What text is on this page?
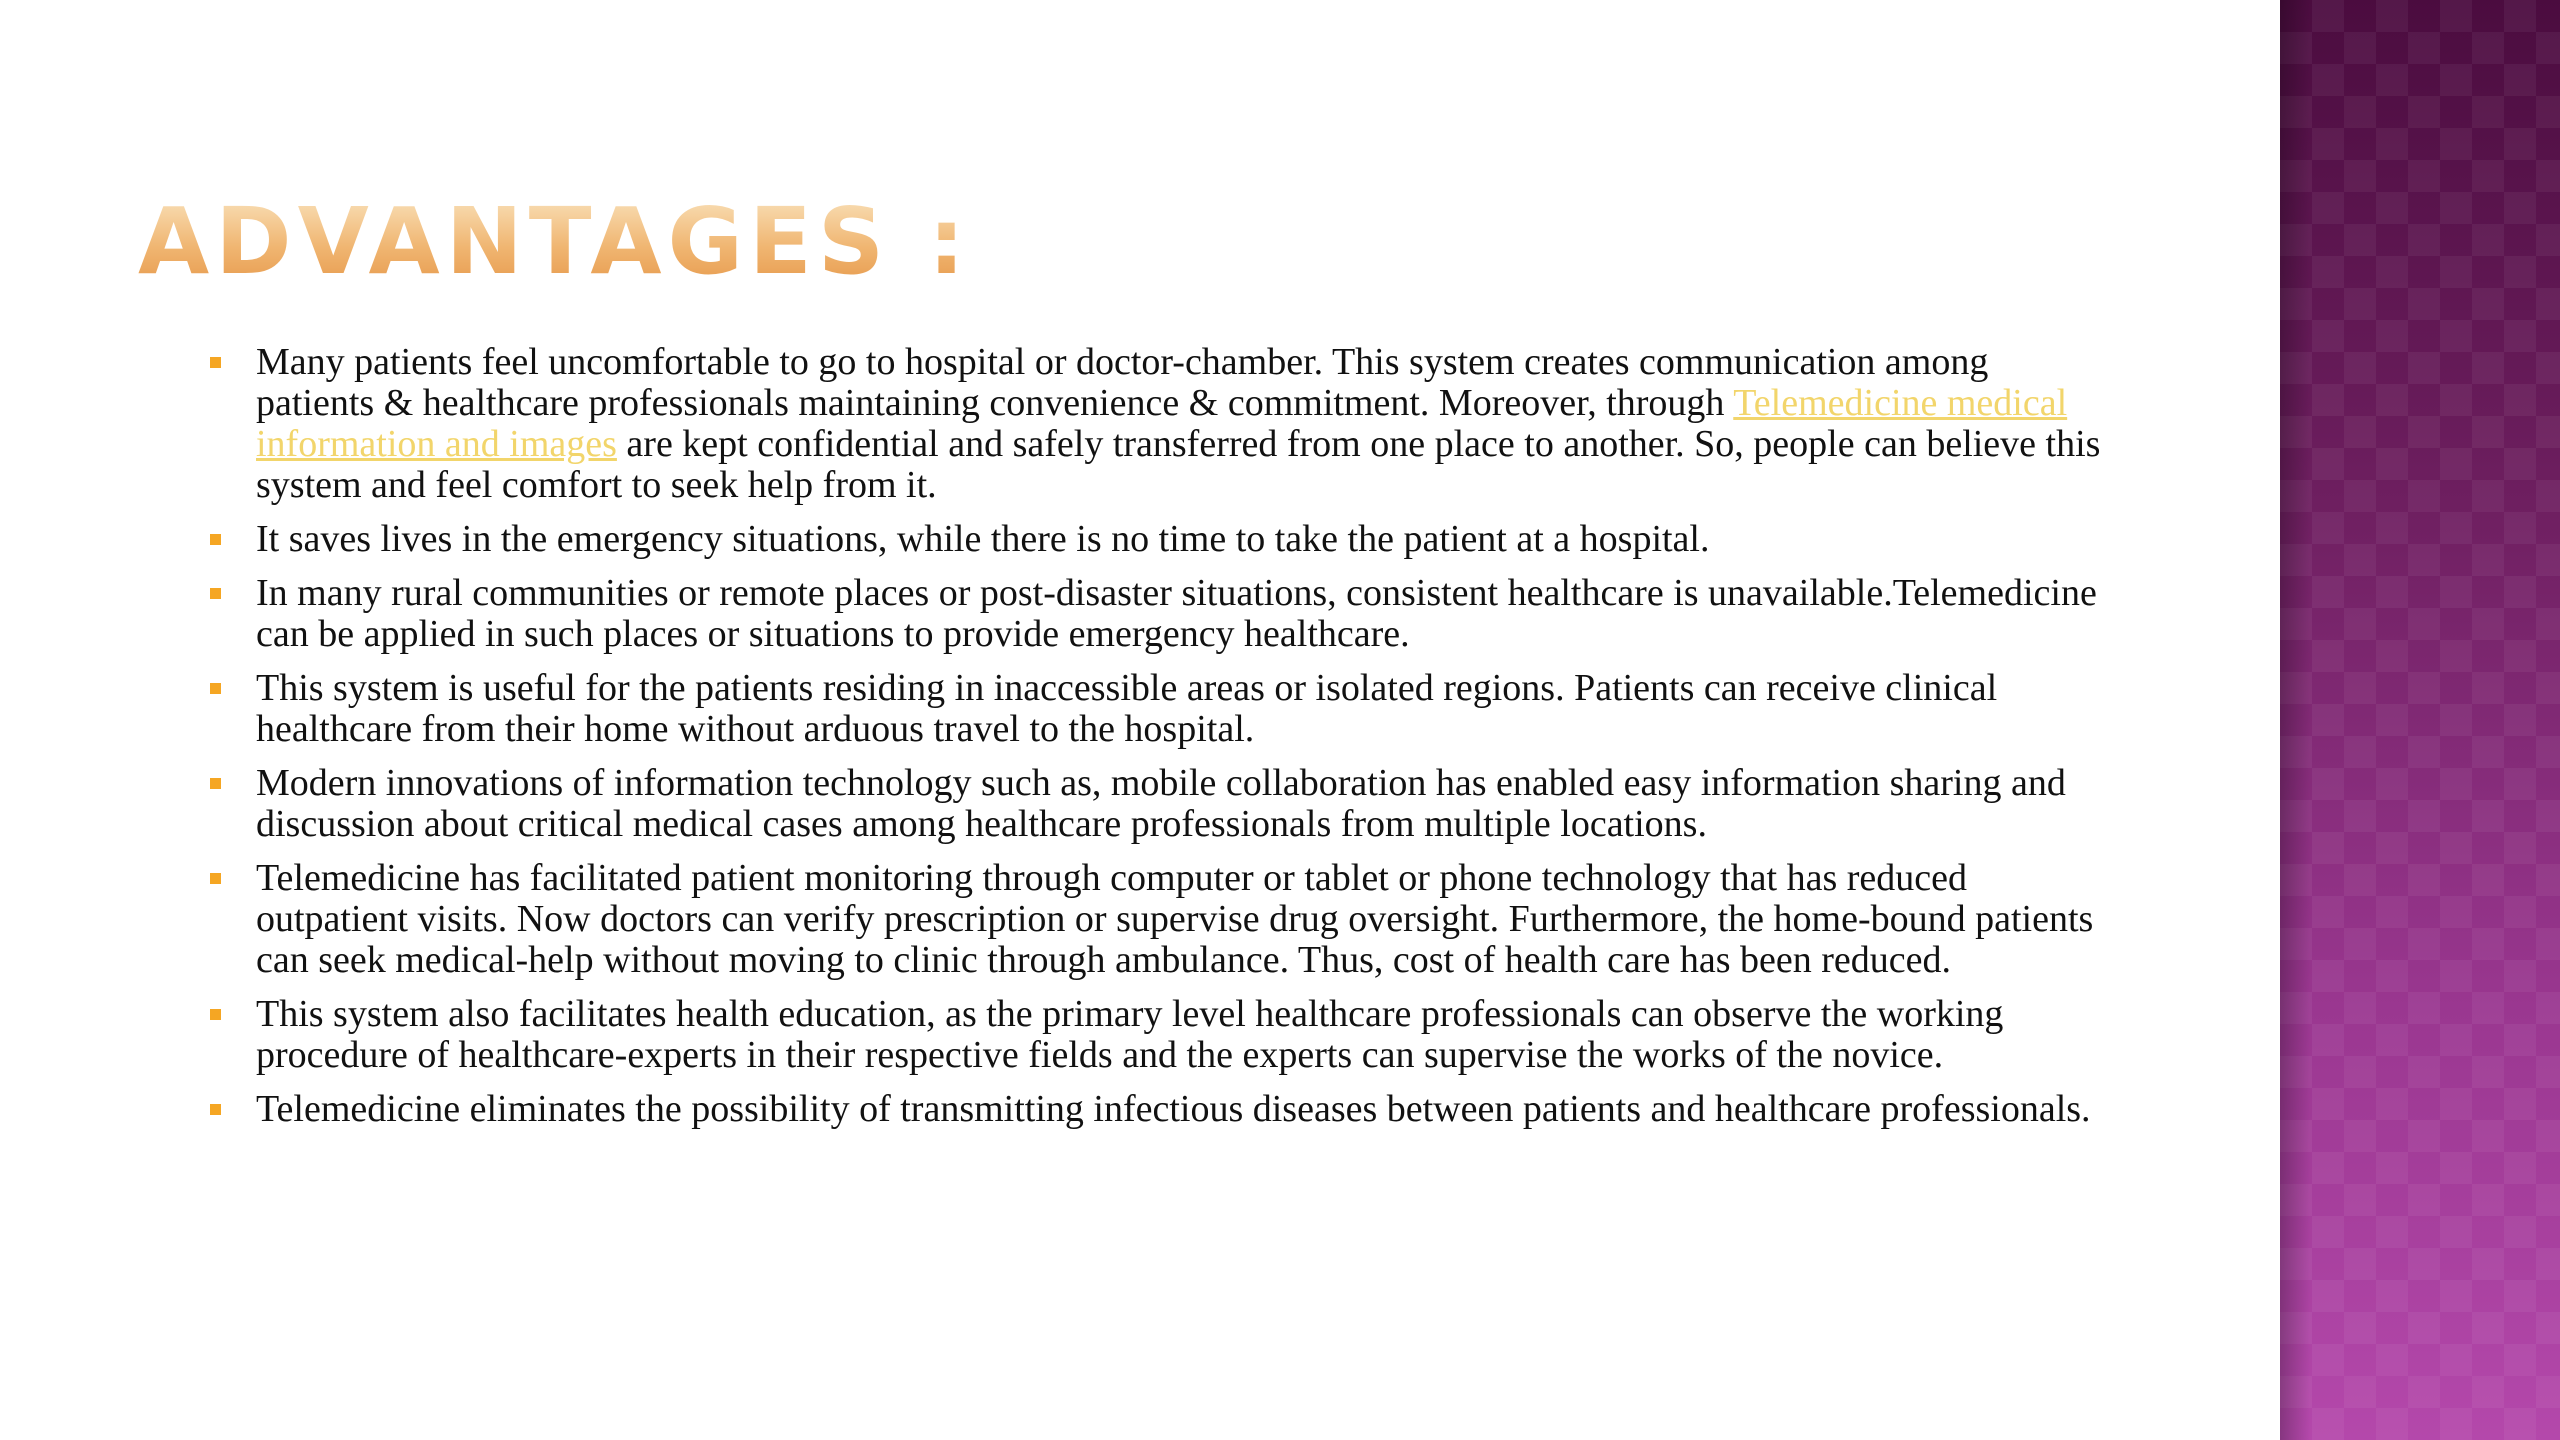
ADVANTAGES :
Many patients feel uncomfortable to go to hospital or doctor-chamber. This system creates communication among patients & healthcare professionals maintaining convenience & commitment. Moreover, through Telemedicine medical information and images are kept confidential and safely transferred from one place to another. So, people can believe this system and feel comfort to seek help from it.
It saves lives in the emergency situations, while there is no time to take the patient at a hospital.
In many rural communities or remote places or post-disaster situations, consistent healthcare is unavailable.Telemedicine can be applied in such places or situations to provide emergency healthcare.
This system is useful for the patients residing in inaccessible areas or isolated regions. Patients can receive clinical healthcare from their home without arduous travel to the hospital.
Modern innovations of information technology such as, mobile collaboration has enabled easy information sharing and discussion about critical medical cases among healthcare professionals from multiple locations.
Telemedicine has facilitated patient monitoring through computer or tablet or phone technology that has reduced outpatient visits. Now doctors can verify prescription or supervise drug oversight. Furthermore, the home-bound patients can seek medical-help without moving to clinic through ambulance. Thus, cost of health care has been reduced.
This system also facilitates health education, as the primary level healthcare professionals can observe the working procedure of healthcare-experts in their respective fields and the experts can supervise the works of the novice.
Telemedicine eliminates the possibility of transmitting infectious diseases between patients and healthcare professionals.
